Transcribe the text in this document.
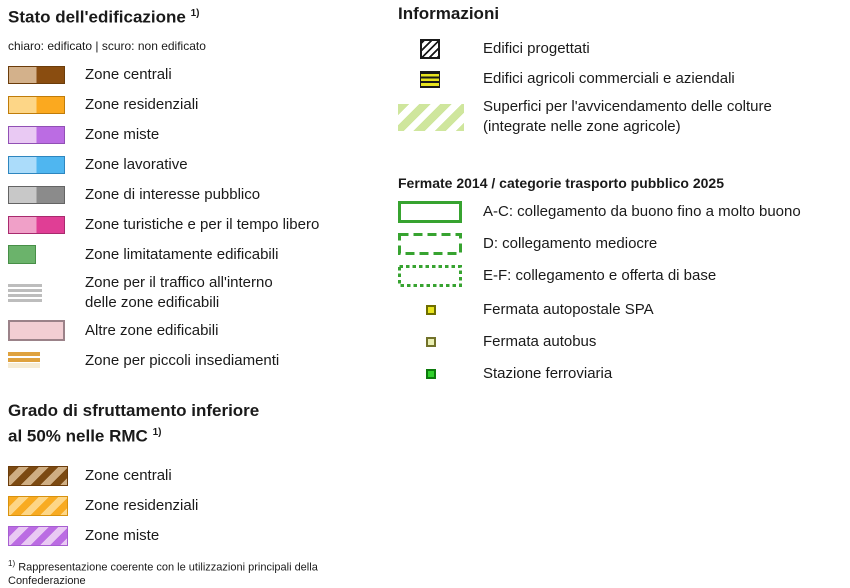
Stato dell'edificazione $^{1)}$
chiaro: edificato | scuro: non edificato
Zone centrali
Zone residenziali
Zone miste
Zone lavorative
Zone di interesse pubblico
Zone turistiche e per il tempo libero
Zone limitatamente edificabili
Zone per il traffico all'interno
delle zone edificabili
Altre zone edificabili
Zone per piccoli insediamenti
Grado di sfruttamento inferiore
al 50% nelle RMC $^{1)}$
Zone centrali
Zone residenziali
Zone miste
$^{1)}$ Rappresentazione coerente con le utilizzazioni principali della Confederazione
Informazioni
Edifici progettati
Edifici agricoli commerciali e aziendali
Superfici per l'avvicendamento delle colture
(integrate nelle zone agricole)
Fermate 2014 / categorie trasporto pubblico 2025
A-C: collegamento da buono fino a molto buono
D: collegamento mediocre
E-F: collegamento e offerta di base
Fermata autopostale SPA
Fermata autobus
Stazione ferroviaria
